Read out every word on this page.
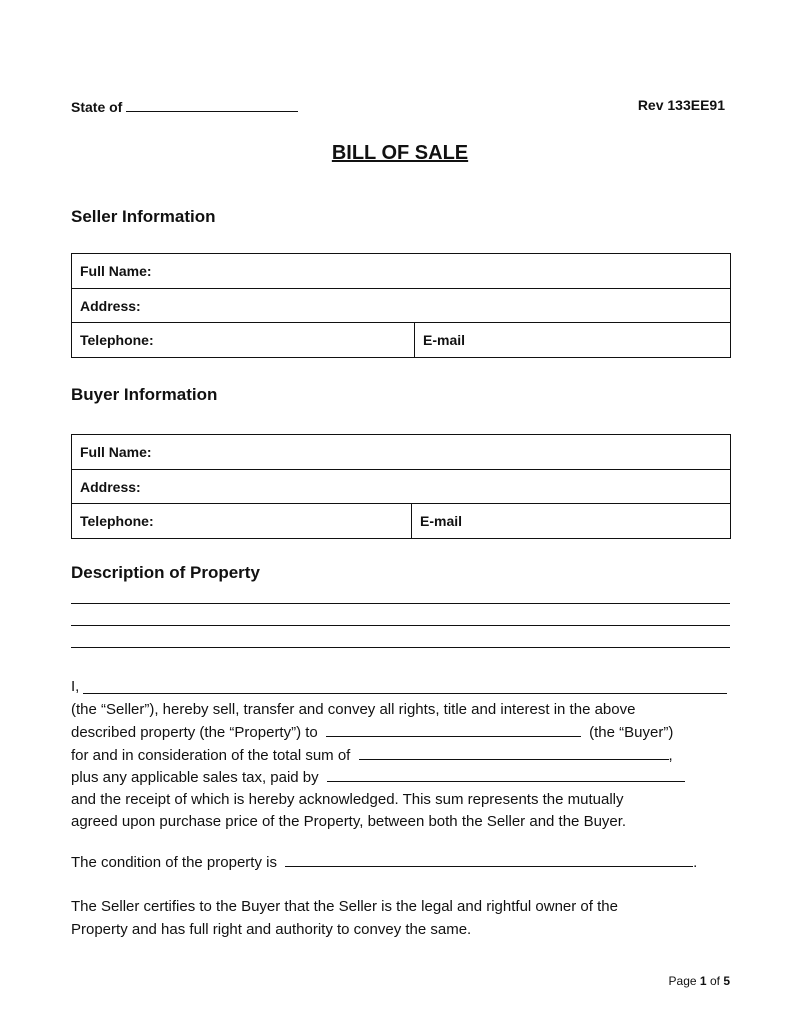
State of	Rev 133EE91
BILL OF SALE
Seller Information
Full Name:
Address:
Telephone:	E-mail
Buyer Information
Full Name:
Address:
Telephone:	E-mail
Description of Property
I,
(the “Seller”), hereby sell, transfer and convey all rights, title and interest in the above
described property (the “Property”) to	(the “Buyer”)
for and in consideration of the total sum of	,
plus any applicable sales tax, paid by
and the receipt of which is hereby acknowledged. This sum represents the mutually
agreed upon purchase price of the Property, between both the Seller and the Buyer.
The condition of the property is	.
The Seller certifies to the Buyer that the Seller is the legal and rightful owner of the
Property and has full right and authority to convey the same.
Page 1 of 5
